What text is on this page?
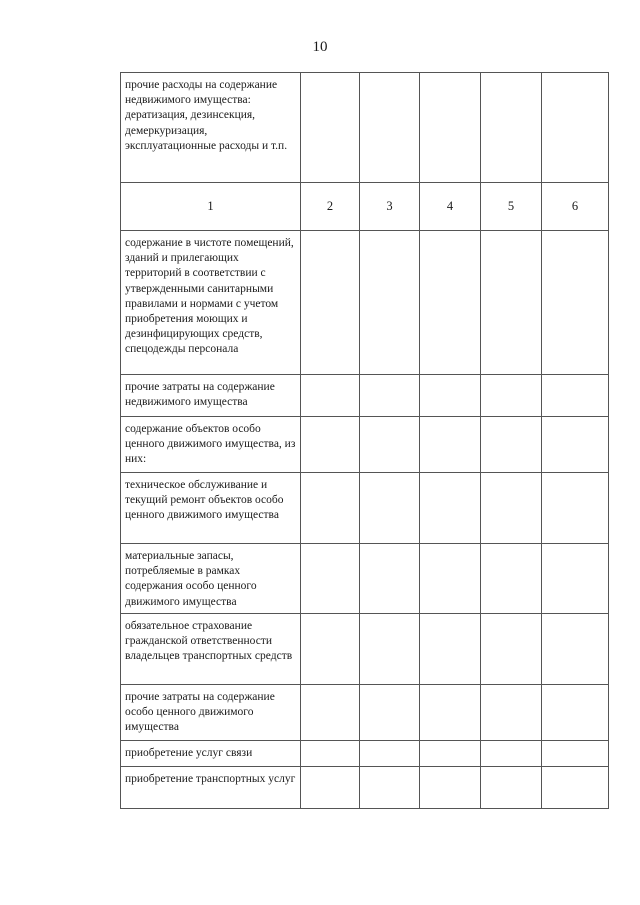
10
прочие расходы на содержание недвижимого имущества: дератизация, дезинсекция, демеркуризация, эксплуатационные расходы и т.п.					
1	2	3	4	5	6
содержание в чистоте помещений, зданий и прилегающих территорий в соответствии с утвержденными санитарными правилами и нормами с учетом приобретения моющих и дезинфицирующих средств, спецодежды персонала					
прочие затраты на содержание недвижимого имущества					
содержание объектов особо ценного движимого имущества, из них:					
техническое обслуживание и текущий ремонт объектов особо ценного движимого имущества					
материальные запасы, потребляемые в рамках содержания особо ценного движимого имущества					
обязательное страхование гражданской ответственности владельцев транспортных средств					
прочие затраты на содержание особо ценного движимого имущества					
приобретение услуг связи					
приобретение транспортных услуг					
